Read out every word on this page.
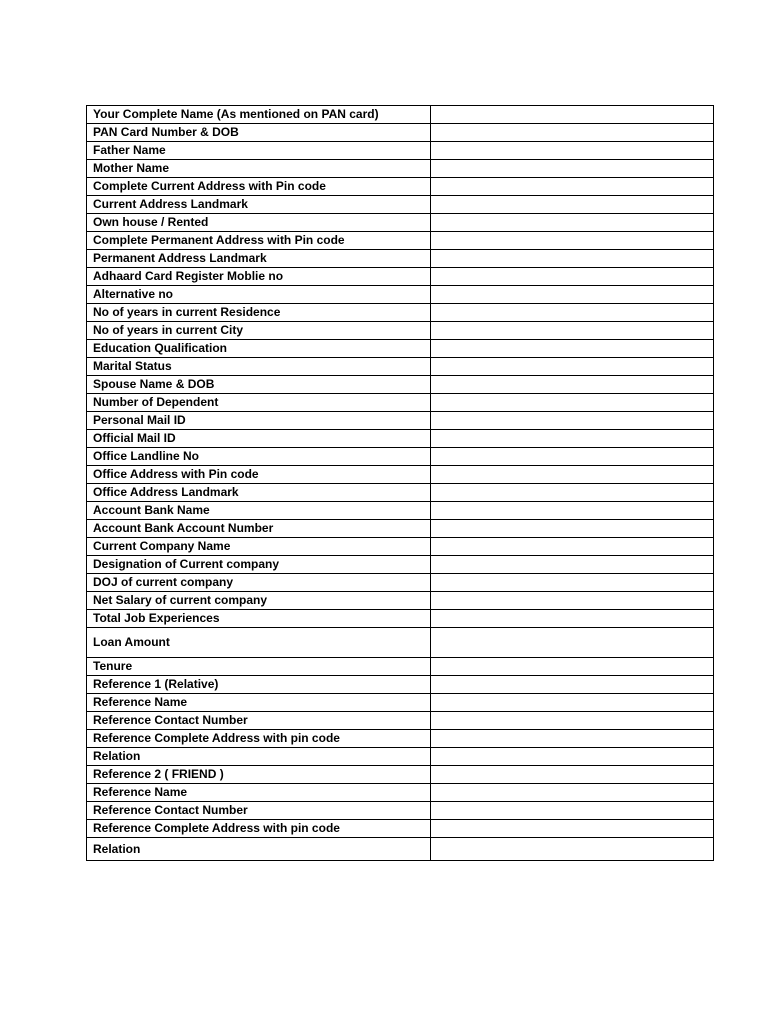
Your Complete Name (As mentioned on PAN card)	
PAN Card Number & DOB	
Father Name	
Mother Name	
Complete Current Address with Pin code	
Current Address Landmark	
Own house / Rented	
Complete Permanent Address with Pin code	
Permanent Address Landmark	
Adhaard Card Register Moblie no	
Alternative no	
No of years in current Residence	
No of years in current City	
Education Qualification	
Marital Status	
Spouse Name & DOB	
Number of Dependent	
Personal Mail ID	
Official Mail ID	
Office Landline No	
Office Address with Pin code	
Office Address Landmark	
Account Bank Name	
Account Bank Account Number	
Current Company Name	
Designation of Current company	
DOJ of current company	
Net Salary of current company	
Total Job Experiences	
Loan Amount	
Tenure	
Reference 1 (Relative)	
Reference Name	
Reference Contact Number	
Reference Complete Address with pin code	
Relation	
Reference 2 ( FRIEND )	
Reference Name	
Reference Contact Number	
Reference Complete Address with pin code	
Relation	
